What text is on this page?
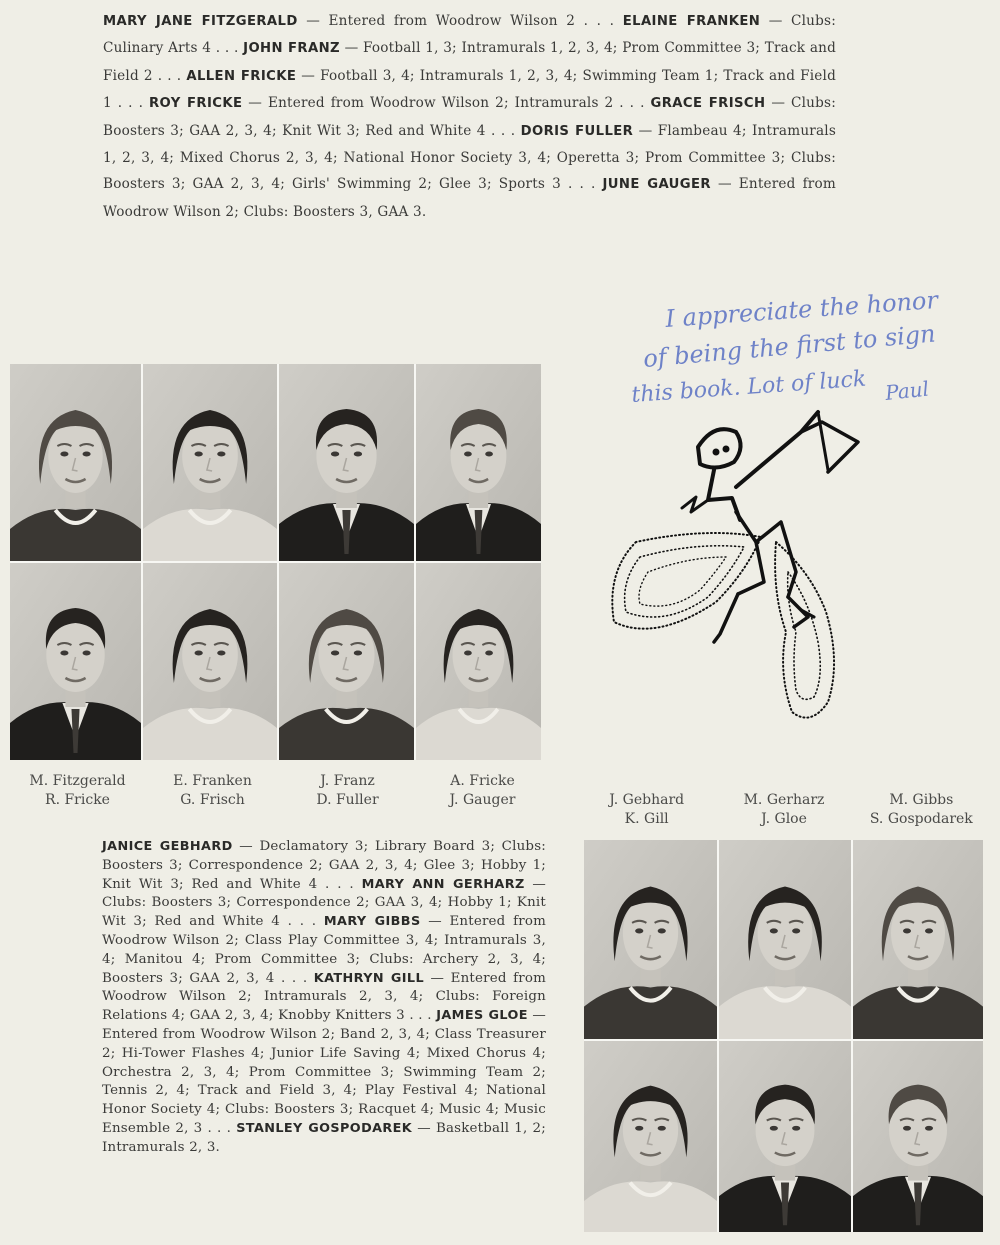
MARY JANE FITZGERALD — Entered from Woodrow Wilson 2 . . . ELAINE FRANKEN — Clubs: Culinary Arts 4 . . . JOHN FRANZ — Football 1, 3; Intramurals 1, 2, 3, 4; Prom Committee 3; Track and Field 2 . . . ALLEN FRICKE — Football 3, 4; Intramurals 1, 2, 3, 4; Swimming Team 1; Track and Field 1 . . . ROY FRICKE — Entered from Woodrow Wilson 2; Intramurals 2 . . . GRACE FRISCH — Clubs: Boosters 3; GAA 2, 3, 4; Knit Wit 3; Red and White 4 . . . DORIS FULLER — Flambeau 4; Intramurals 1, 2, 3, 4; Mixed Chorus 2, 3, 4; National Honor Society 3, 4; Operetta 3; Prom Committee 3; Clubs: Boosters 3; GAA 2, 3, 4; Girls' Swimming 2; Glee 3; Sports 3 . . . JUNE GAUGER — Entered from Woodrow Wilson 2; Clubs: Boosters 3, GAA 3.

M. Fitzgerald
R. Fricke
E. Franken
G. Frisch
J. Franz
D. Fuller
A. Fricke
J. Gauger
I appreciate the honor
of being the first to sign
this book. Lot of luck Paul
J. Gebhard
K. Gill
M. Gerharz
J. Gloe
M. Gibbs
S. Gospodarek

JANICE GEBHARD — Declamatory 3; Library Board 3; Clubs: Boosters 3; Correspondence 2; GAA 2, 3, 4; Glee 3; Hobby 1; Knit Wit 3; Red and White 4 . . . MARY ANN GERHARZ — Clubs: Boosters 3; Correspondence 2; GAA 3, 4; Hobby 1; Knit Wit 3; Red and White 4 . . . MARY GIBBS — Entered from Woodrow Wilson 2; Class Play Committee 3, 4; Intramurals 3, 4; Manitou 4; Prom Committee 3; Clubs: Archery 2, 3, 4; Boosters 3; GAA 2, 3, 4 . . . KATHRYN GILL — Entered from Woodrow Wilson 2; Intramurals 2, 3, 4; Clubs: Foreign Relations 4; GAA 2, 3, 4; Knobby Knitters 3 . . . JAMES GLOE — Entered from Woodrow Wilson 2; Band 2, 3, 4; Class Treasurer 2; Hi-Tower Flashes 4; Junior Life Saving 4; Mixed Chorus 4; Orchestra 2, 3, 4; Prom Committee 3; Swimming Team 2; Tennis 2, 4; Track and Field 3, 4; Play Festival 4; National Honor Society 4; Clubs: Boosters 3; Racquet 4; Music 4; Music Ensemble 2, 3 . . . STANLEY GOSPODAREK — Basketball 1, 2; Intramurals 2, 3.
